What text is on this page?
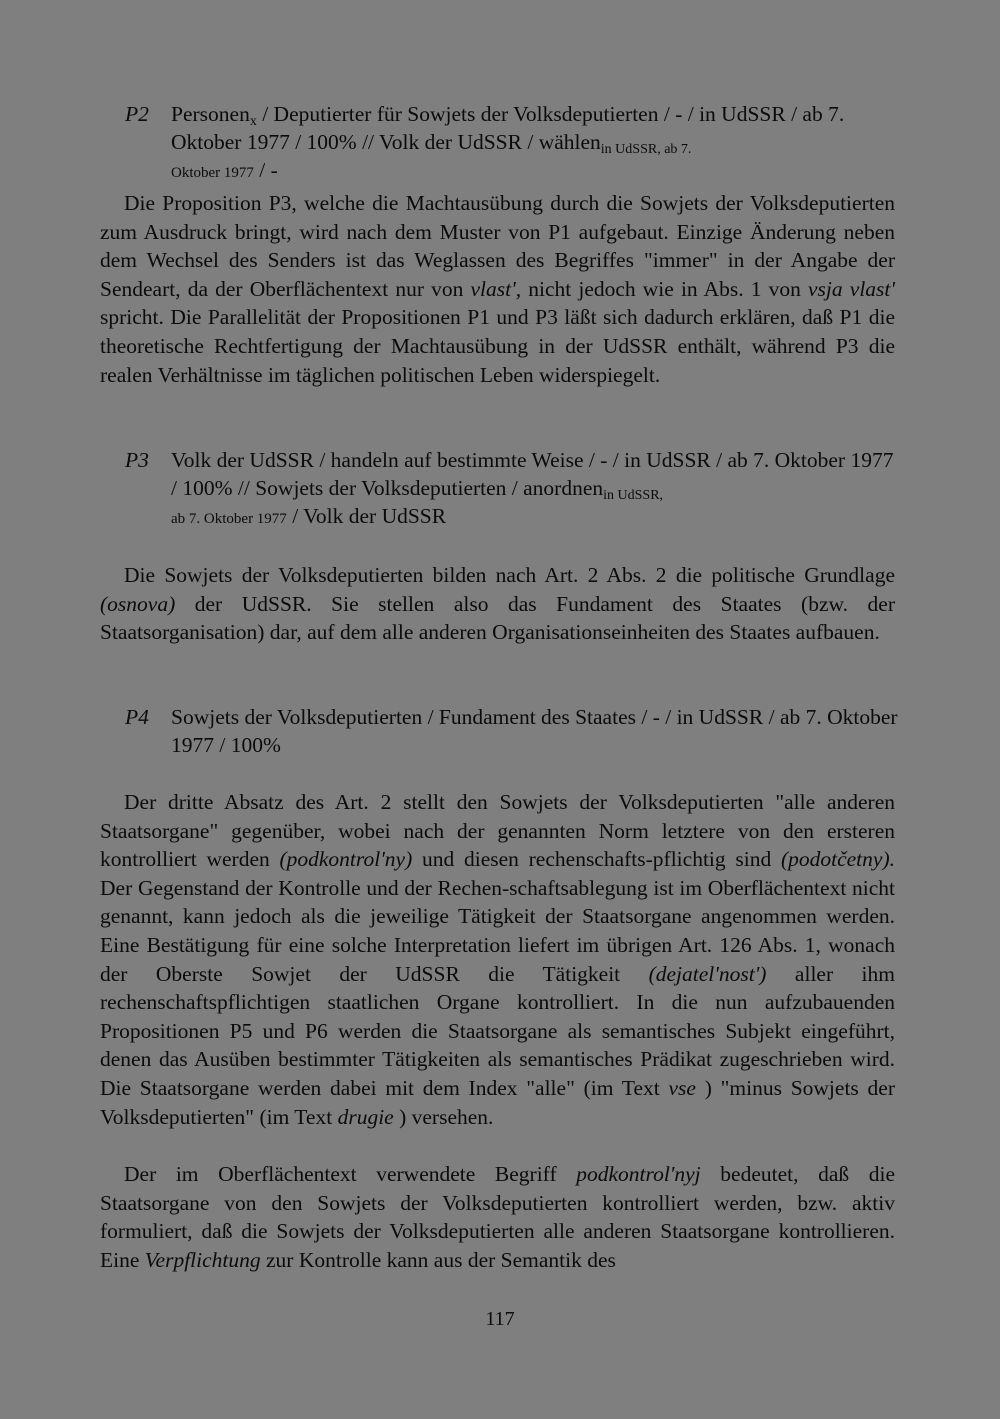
P2 Personen$_x$ / Deputierter für Sowjets der Volksdeputierten / - / in UdSSR / ab 7. Oktober 1977 / 100% // Volk der UdSSR / wählen$_{in UdSSR, ab 7.}$
Oktober 1977 / -
Die Proposition P3, welche die Machtausübung durch die Sowjets der Volksdeputierten zum Ausdruck bringt, wird nach dem Muster von P1 aufgebaut. Einzige Änderung neben dem Wechsel des Senders ist das Weglassen des Begriffes "immer" in der Angabe der Sendeart, da der Oberflächentext nur von vlast', nicht jedoch wie in Abs. 1 von vsja vlast' spricht. Die Parallelität der Propositionen P1 und P3 läßt sich dadurch erklären, daß P1 die theoretische Rechtfertigung der Machtausübung in der UdSSR enthält, während P3 die realen Verhältnisse im täglichen politischen Leben widerspiegelt.
P3 Volk der UdSSR / handeln auf bestimmte Weise / - / in UdSSR / ab 7. Oktober 1977 / 100% // Sowjets der Volksdeputierten / anordnen$_{in UdSSR,}$
ab 7. Oktober 1977 / Volk der UdSSR
Die Sowjets der Volksdeputierten bilden nach Art. 2 Abs. 2 die politische Grundlage (osnova) der UdSSR. Sie stellen also das Fundament des Staates (bzw. der Staatsorganisation) dar, auf dem alle anderen Organisationseinheiten des Staates aufbauen.
P4 Sowjets der Volksdeputierten / Fundament des Staates / - / in UdSSR / ab 7. Oktober 1977 / 100%
Der dritte Absatz des Art. 2 stellt den Sowjets der Volksdeputierten "alle anderen Staatsorgane" gegenüber, wobei nach der genannten Norm letztere von den ersteren kontrolliert werden (podkontrol'ny) und diesen rechenschafts-pflichtig sind (podotčetny). Der Gegenstand der Kontrolle und der Rechen-schaftsablegung ist im Oberflächentext nicht genannt, kann jedoch als die jeweilige Tätigkeit der Staatsorgane angenommen werden. Eine Bestätigung für eine solche Interpretation liefert im übrigen Art. 126 Abs. 1, wonach der Oberste Sowjet der UdSSR die Tätigkeit (dejatel'nost') aller ihm rechenschaftspflichtigen staatlichen Organe kontrolliert. In die nun aufzubauenden Propositionen P5 und P6 werden die Staatsorgane als semantisches Subjekt eingeführt, denen das Ausüben bestimmter Tätigkeiten als semantisches Prädikat zugeschrieben wird. Die Staatsorgane werden dabei mit dem Index "alle" (im Text vse ) "minus Sowjets der Volksdeputierten" (im Text drugie ) versehen.
Der im Oberflächentext verwendete Begriff podkontrol'nyj bedeutet, daß die Staatsorgane von den Sowjets der Volksdeputierten kontrolliert werden, bzw. aktiv formuliert, daß die Sowjets der Volksdeputierten alle anderen Staatsorgane kontrollieren. Eine Verpflichtung zur Kontrolle kann aus der Semantik des
117
